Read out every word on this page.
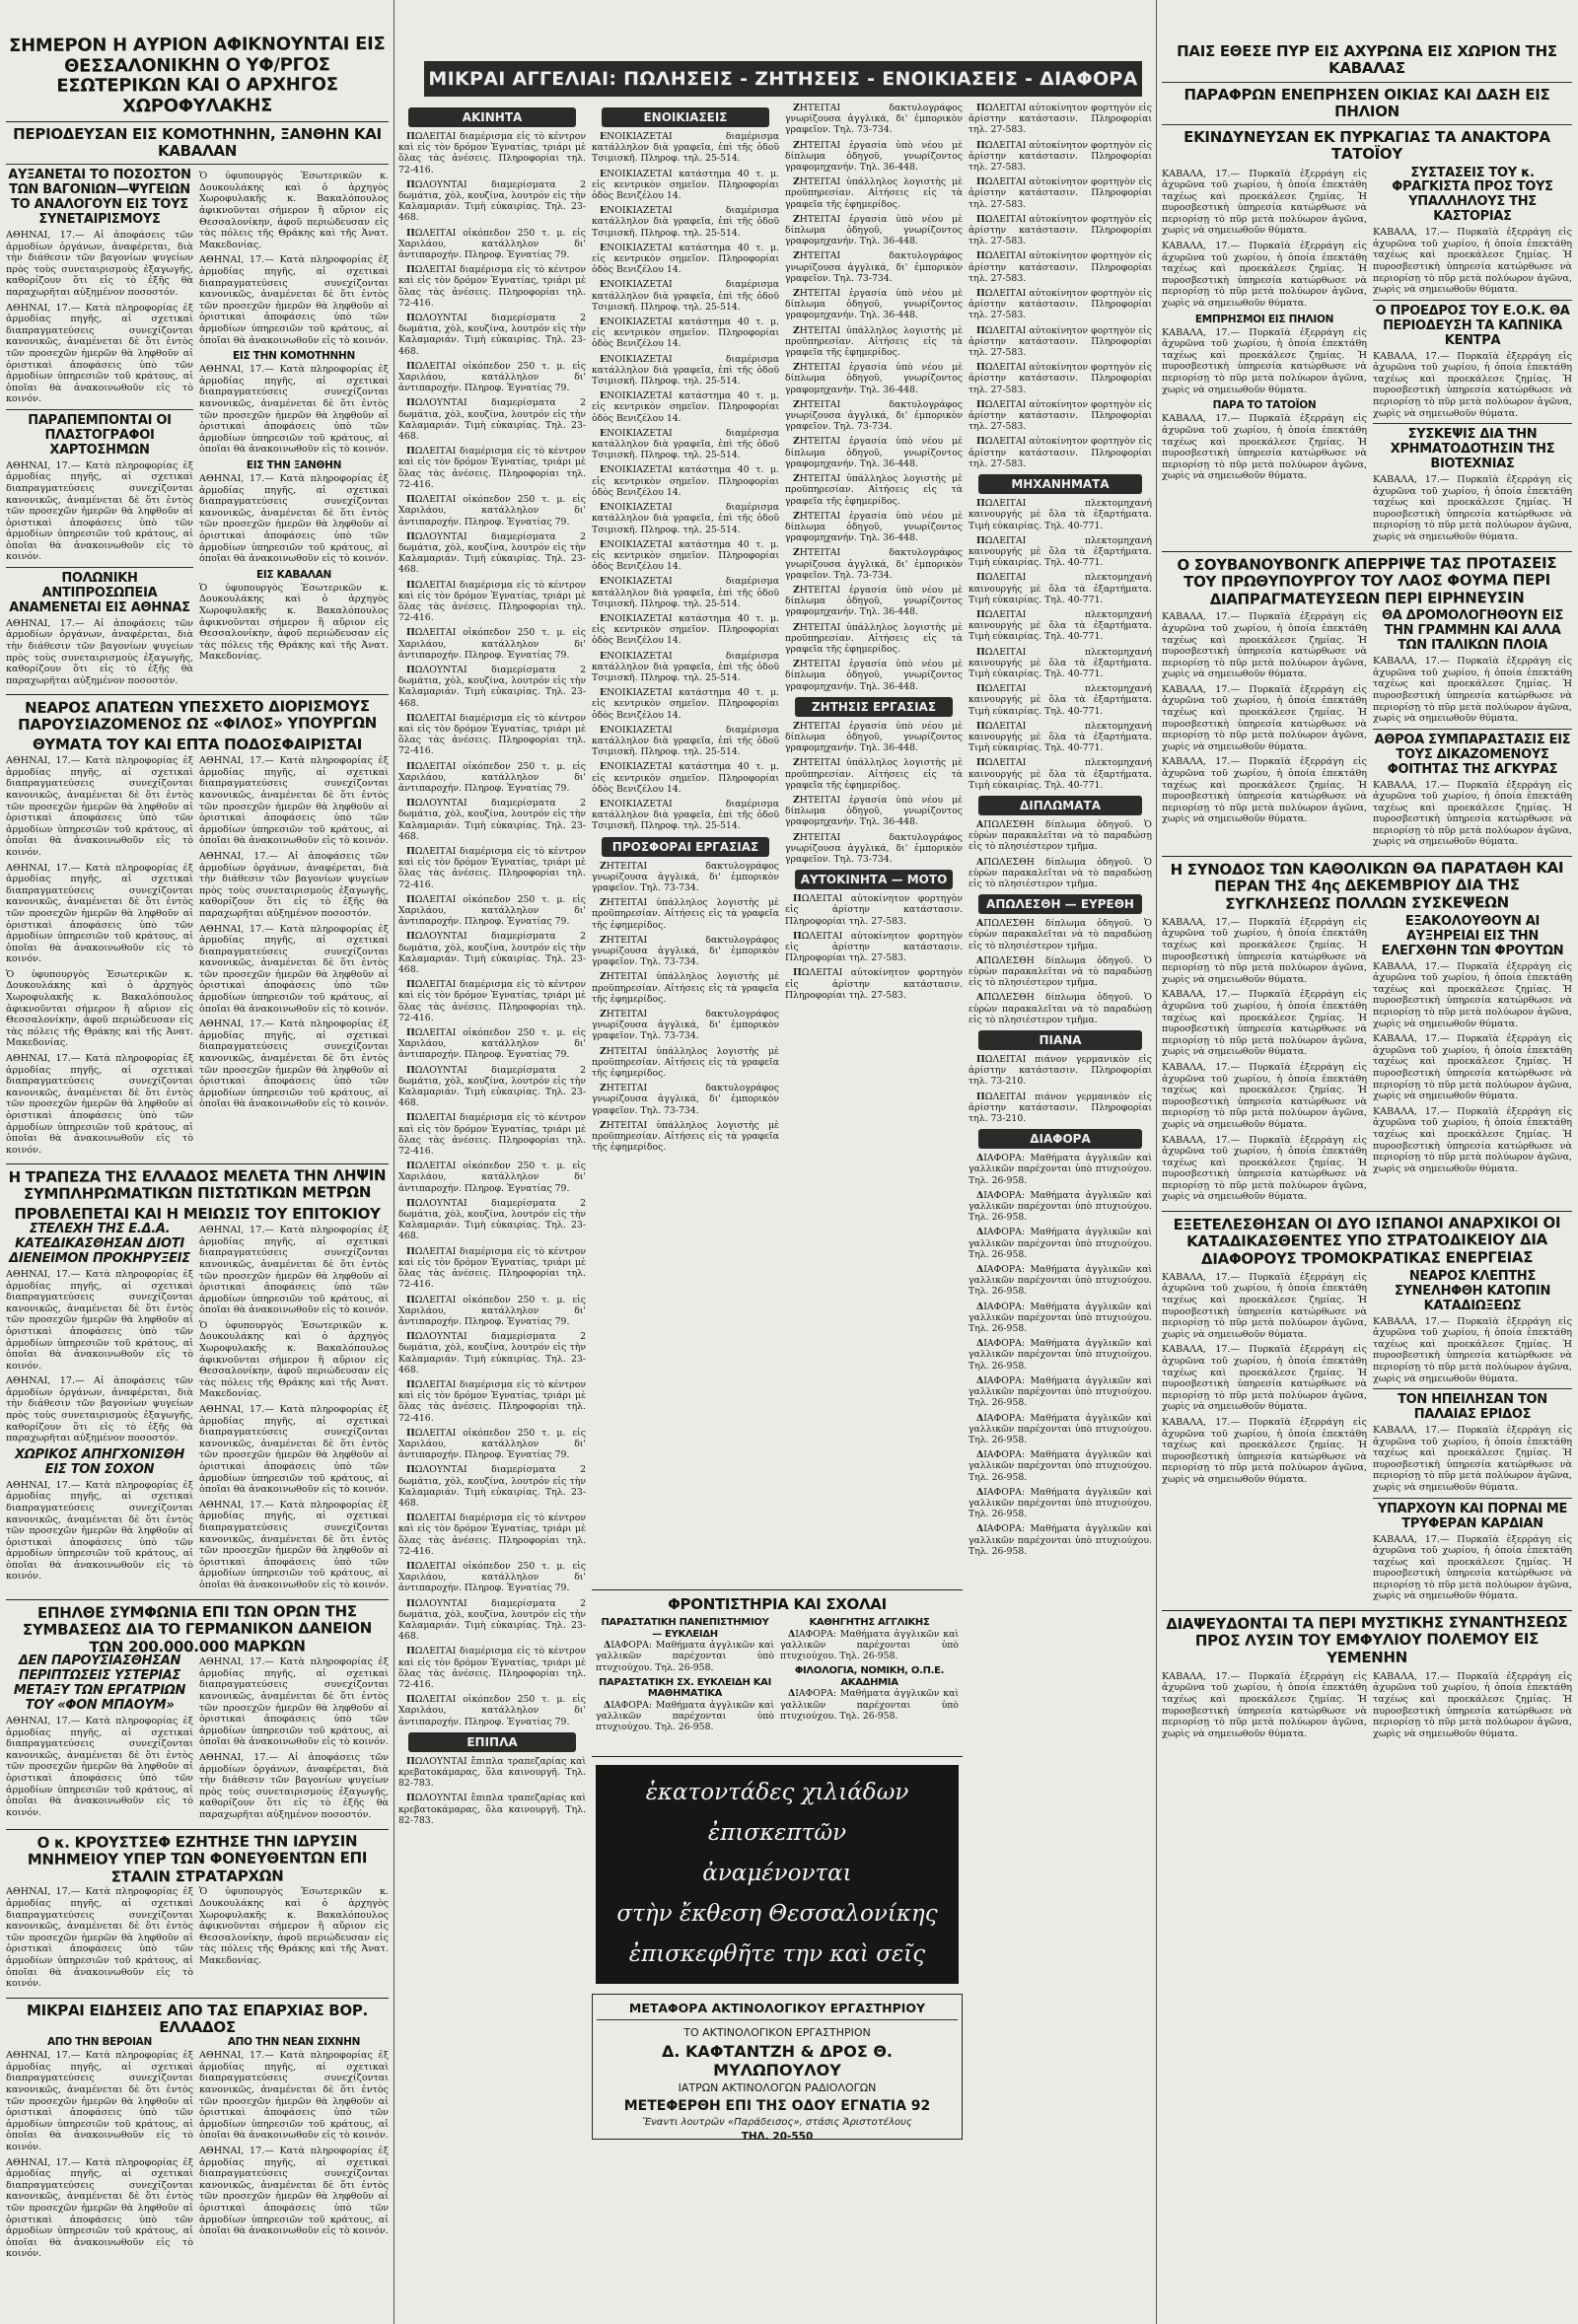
ΣΗΜΕΡΟΝ Η ΑΥΡΙΟΝ ΑΦΙΚΝΟΥΝΤΑΙ ΕΙΣ ΘΕΣΣΑΛΟΝΙΚΗΝ Ο ΥΦ/ΡΓΟΣ ΕΣΩΤΕΡΙΚΩΝ ΚΑΙ Ο ΑΡΧΗΓΟΣ ΧΩΡΟΦΥΛΑΚΗΣ
ΠΕΡΙΟΔΕΥΣΑΝ ΕΙΣ ΚΟΜΟΤΗΝΗΝ, ΞΑΝΘΗΝ ΚΑΙ ΚΑΒΑΛΑΝ
ΑΥΞΑΝΕΤΑΙ ΤΟ ΠΟΣΟΣΤΟΝ ΤΩΝ ΒΑΓΟΝΙΩΝ—ΨΥΓΕΙΩΝ ΤΟ ΑΝΑΛΟΓΟΥΝ ΕΙΣ ΤΟΥΣ ΣΥΝΕΤΑΙΡΙΣΜΟΥΣ

ΑΘΗΝΑΙ, 17.— Αἱ ἀποφάσεις τῶν ἁρμοδίων ὀργάνων, ἀναφέρεται, διὰ τὴν διάθεσιν τῶν βαγονίων ψυγείων πρὸς τοὺς συνεταιρισμοὺς ἐξαγωγῆς, καθορίζουν ὅτι εἰς τὸ ἑξῆς θὰ παραχωρῆται αὐξημένον ποσοστόν.

ΑΘΗΝΑΙ, 17.— Κατὰ πληροφορίας ἐξ ἁρμοδίας πηγῆς, αἱ σχετικαὶ διαπραγματεύσεις συνεχίζονται κανονικῶς, ἀναμένεται δὲ ὅτι ἐντὸς τῶν προσεχῶν ἡμερῶν θὰ ληφθοῦν αἱ ὁριστικαὶ ἀποφάσεις ὑπὸ τῶν ἁρμοδίων ὑπηρεσιῶν τοῦ κράτους, αἱ ὁποῖαι θὰ ἀνακοινωθοῦν εἰς τὸ κοινόν.

ΠΑΡΑΠΕΜΠΟΝΤΑΙ ΟΙ ΠΛΑΣΤΟΓΡΑΦΟΙ ΧΑΡΤΟΣΗΜΩΝ

ΑΘΗΝΑΙ, 17.— Κατὰ πληροφορίας ἐξ ἁρμοδίας πηγῆς, αἱ σχετικαὶ διαπραγματεύσεις συνεχίζονται κανονικῶς, ἀναμένεται δὲ ὅτι ἐντὸς τῶν προσεχῶν ἡμερῶν θὰ ληφθοῦν αἱ ὁριστικαὶ ἀποφάσεις ὑπὸ τῶν ἁρμοδίων ὑπηρεσιῶν τοῦ κράτους, αἱ ὁποῖαι θὰ ἀνακοινωθοῦν εἰς τὸ κοινόν.

ΠΟΛΩΝΙΚΗ ΑΝΤΙΠΡΟΣΩΠΕΙΑ ΑΝΑΜΕΝΕΤΑΙ ΕΙΣ ΑΘΗΝΑΣ

ΑΘΗΝΑΙ, 17.— Αἱ ἀποφάσεις τῶν ἁρμοδίων ὀργάνων, ἀναφέρεται, διὰ τὴν διάθεσιν τῶν βαγονίων ψυγείων πρὸς τοὺς συνεταιρισμοὺς ἐξαγωγῆς, καθορίζουν ὅτι εἰς τὸ ἑξῆς θὰ παραχωρῆται αὐξημένον ποσοστόν.

Ὁ ὑφυπουργὸς Ἐσωτερικῶν κ. Δουκουλάκης καὶ ὁ ἀρχηγὸς Χωροφυλακῆς κ. Βακαλόπουλος ἀφικνοῦνται σήμερον ἢ αὔριον εἰς Θεσσαλονίκην, ἀφοῦ περιώδευσαν εἰς τὰς πόλεις τῆς Θράκης καὶ τῆς Ἀνατ. Μακεδονίας.

ΑΘΗΝΑΙ, 17.— Κατὰ πληροφορίας ἐξ ἁρμοδίας πηγῆς, αἱ σχετικαὶ διαπραγματεύσεις συνεχίζονται κανονικῶς, ἀναμένεται δὲ ὅτι ἐντὸς τῶν προσεχῶν ἡμερῶν θὰ ληφθοῦν αἱ ὁριστικαὶ ἀποφάσεις ὑπὸ τῶν ἁρμοδίων ὑπηρεσιῶν τοῦ κράτους, αἱ ὁποῖαι θὰ ἀνακοινωθοῦν εἰς τὸ κοινόν.

ΕΙΣ ΤΗΝ ΚΟΜΟΤΗΝΗΝ

ΑΘΗΝΑΙ, 17.— Κατὰ πληροφορίας ἐξ ἁρμοδίας πηγῆς, αἱ σχετικαὶ διαπραγματεύσεις συνεχίζονται κανονικῶς, ἀναμένεται δὲ ὅτι ἐντὸς τῶν προσεχῶν ἡμερῶν θὰ ληφθοῦν αἱ ὁριστικαὶ ἀποφάσεις ὑπὸ τῶν ἁρμοδίων ὑπηρεσιῶν τοῦ κράτους, αἱ ὁποῖαι θὰ ἀνακοινωθοῦν εἰς τὸ κοινόν.

ΕΙΣ ΤΗΝ ΞΑΝΘΗΝ

ΑΘΗΝΑΙ, 17.— Κατὰ πληροφορίας ἐξ ἁρμοδίας πηγῆς, αἱ σχετικαὶ διαπραγματεύσεις συνεχίζονται κανονικῶς, ἀναμένεται δὲ ὅτι ἐντὸς τῶν προσεχῶν ἡμερῶν θὰ ληφθοῦν αἱ ὁριστικαὶ ἀποφάσεις ὑπὸ τῶν ἁρμοδίων ὑπηρεσιῶν τοῦ κράτους, αἱ ὁποῖαι θὰ ἀνακοινωθοῦν εἰς τὸ κοινόν.

ΕΙΣ ΚΑΒΑΛΑΝ

Ὁ ὑφυπουργὸς Ἐσωτερικῶν κ. Δουκουλάκης καὶ ὁ ἀρχηγὸς Χωροφυλακῆς κ. Βακαλόπουλος ἀφικνοῦνται σήμερον ἢ αὔριον εἰς Θεσσαλονίκην, ἀφοῦ περιώδευσαν εἰς τὰς πόλεις τῆς Θράκης καὶ τῆς Ἀνατ. Μακεδονίας.

ΝΕΑΡΟΣ ΑΠΑΤΕΩΝ ΥΠΕΣΧΕΤΟ ΔΙΟΡΙΣΜΟΥΣ ΠΑΡΟΥΣΙΑΖΟΜΕΝΟΣ ΩΣ «ΦΙΛΟΣ» ΥΠΟΥΡΓΩΝ
ΘΥΜΑΤΑ ΤΟΥ ΚΑΙ ΕΠΤΑ ΠΟΔΟΣΦΑΙΡΙΣΤΑΙ

ΑΘΗΝΑΙ, 17.— Κατὰ πληροφορίας ἐξ ἁρμοδίας πηγῆς, αἱ σχετικαὶ διαπραγματεύσεις συνεχίζονται κανονικῶς, ἀναμένεται δὲ ὅτι ἐντὸς τῶν προσεχῶν ἡμερῶν θὰ ληφθοῦν αἱ ὁριστικαὶ ἀποφάσεις ὑπὸ τῶν ἁρμοδίων ὑπηρεσιῶν τοῦ κράτους, αἱ ὁποῖαι θὰ ἀνακοινωθοῦν εἰς τὸ κοινόν.

ΑΘΗΝΑΙ, 17.— Κατὰ πληροφορίας ἐξ ἁρμοδίας πηγῆς, αἱ σχετικαὶ διαπραγματεύσεις συνεχίζονται κανονικῶς, ἀναμένεται δὲ ὅτι ἐντὸς τῶν προσεχῶν ἡμερῶν θὰ ληφθοῦν αἱ ὁριστικαὶ ἀποφάσεις ὑπὸ τῶν ἁρμοδίων ὑπηρεσιῶν τοῦ κράτους, αἱ ὁποῖαι θὰ ἀνακοινωθοῦν εἰς τὸ κοινόν.

Ὁ ὑφυπουργὸς Ἐσωτερικῶν κ. Δουκουλάκης καὶ ὁ ἀρχηγὸς Χωροφυλακῆς κ. Βακαλόπουλος ἀφικνοῦνται σήμερον ἢ αὔριον εἰς Θεσσαλονίκην, ἀφοῦ περιώδευσαν εἰς τὰς πόλεις τῆς Θράκης καὶ τῆς Ἀνατ. Μακεδονίας.

ΑΘΗΝΑΙ, 17.— Κατὰ πληροφορίας ἐξ ἁρμοδίας πηγῆς, αἱ σχετικαὶ διαπραγματεύσεις συνεχίζονται κανονικῶς, ἀναμένεται δὲ ὅτι ἐντὸς τῶν προσεχῶν ἡμερῶν θὰ ληφθοῦν αἱ ὁριστικαὶ ἀποφάσεις ὑπὸ τῶν ἁρμοδίων ὑπηρεσιῶν τοῦ κράτους, αἱ ὁποῖαι θὰ ἀνακοινωθοῦν εἰς τὸ κοινόν.

ΑΘΗΝΑΙ, 17.— Κατὰ πληροφορίας ἐξ ἁρμοδίας πηγῆς, αἱ σχετικαὶ διαπραγματεύσεις συνεχίζονται κανονικῶς, ἀναμένεται δὲ ὅτι ἐντὸς τῶν προσεχῶν ἡμερῶν θὰ ληφθοῦν αἱ ὁριστικαὶ ἀποφάσεις ὑπὸ τῶν ἁρμοδίων ὑπηρεσιῶν τοῦ κράτους, αἱ ὁποῖαι θὰ ἀνακοινωθοῦν εἰς τὸ κοινόν.

ΑΘΗΝΑΙ, 17.— Αἱ ἀποφάσεις τῶν ἁρμοδίων ὀργάνων, ἀναφέρεται, διὰ τὴν διάθεσιν τῶν βαγονίων ψυγείων πρὸς τοὺς συνεταιρισμοὺς ἐξαγωγῆς, καθορίζουν ὅτι εἰς τὸ ἑξῆς θὰ παραχωρῆται αὐξημένον ποσοστόν.

ΑΘΗΝΑΙ, 17.— Κατὰ πληροφορίας ἐξ ἁρμοδίας πηγῆς, αἱ σχετικαὶ διαπραγματεύσεις συνεχίζονται κανονικῶς, ἀναμένεται δὲ ὅτι ἐντὸς τῶν προσεχῶν ἡμερῶν θὰ ληφθοῦν αἱ ὁριστικαὶ ἀποφάσεις ὑπὸ τῶν ἁρμοδίων ὑπηρεσιῶν τοῦ κράτους, αἱ ὁποῖαι θὰ ἀνακοινωθοῦν εἰς τὸ κοινόν.

ΑΘΗΝΑΙ, 17.— Κατὰ πληροφορίας ἐξ ἁρμοδίας πηγῆς, αἱ σχετικαὶ διαπραγματεύσεις συνεχίζονται κανονικῶς, ἀναμένεται δὲ ὅτι ἐντὸς τῶν προσεχῶν ἡμερῶν θὰ ληφθοῦν αἱ ὁριστικαὶ ἀποφάσεις ὑπὸ τῶν ἁρμοδίων ὑπηρεσιῶν τοῦ κράτους, αἱ ὁποῖαι θὰ ἀνακοινωθοῦν εἰς τὸ κοινόν.

Η ΤΡΑΠΕΖΑ ΤΗΣ ΕΛΛΑΔΟΣ ΜΕΛΕΤΑ ΤΗΝ ΛΗΨΙΝ ΣΥΜΠΛΗΡΩΜΑΤΙΚΩΝ ΠΙΣΤΩΤΙΚΩΝ ΜΕΤΡΩΝ
ΠΡΟΒΛΕΠΕΤΑΙ ΚΑΙ Η ΜΕΙΩΣΙΣ ΤΟΥ ΕΠΙΤΟΚΙΟΥ
ΣΤΕΛΕΧΗ ΤΗΣ Ε.Δ.Α. ΚΑΤΕΔΙΚΑΣΘΗΣΑΝ ΔΙΟΤΙ ΔΙΕΝΕΙΜΟΝ ΠΡΟΚΗΡΥΞΕΙΣ

ΑΘΗΝΑΙ, 17.— Κατὰ πληροφορίας ἐξ ἁρμοδίας πηγῆς, αἱ σχετικαὶ διαπραγματεύσεις συνεχίζονται κανονικῶς, ἀναμένεται δὲ ὅτι ἐντὸς τῶν προσεχῶν ἡμερῶν θὰ ληφθοῦν αἱ ὁριστικαὶ ἀποφάσεις ὑπὸ τῶν ἁρμοδίων ὑπηρεσιῶν τοῦ κράτους, αἱ ὁποῖαι θὰ ἀνακοινωθοῦν εἰς τὸ κοινόν.

ΑΘΗΝΑΙ, 17.— Αἱ ἀποφάσεις τῶν ἁρμοδίων ὀργάνων, ἀναφέρεται, διὰ τὴν διάθεσιν τῶν βαγονίων ψυγείων πρὸς τοὺς συνεταιρισμοὺς ἐξαγωγῆς, καθορίζουν ὅτι εἰς τὸ ἑξῆς θὰ παραχωρῆται αὐξημένον ποσοστόν.

ΧΩΡΙΚΟΣ ΑΠΗΓΧΟΝΙΣΘΗ ΕΙΣ ΤΟΝ ΣΟΧΟΝ

ΑΘΗΝΑΙ, 17.— Κατὰ πληροφορίας ἐξ ἁρμοδίας πηγῆς, αἱ σχετικαὶ διαπραγματεύσεις συνεχίζονται κανονικῶς, ἀναμένεται δὲ ὅτι ἐντὸς τῶν προσεχῶν ἡμερῶν θὰ ληφθοῦν αἱ ὁριστικαὶ ἀποφάσεις ὑπὸ τῶν ἁρμοδίων ὑπηρεσιῶν τοῦ κράτους, αἱ ὁποῖαι θὰ ἀνακοινωθοῦν εἰς τὸ κοινόν.

ΑΘΗΝΑΙ, 17.— Κατὰ πληροφορίας ἐξ ἁρμοδίας πηγῆς, αἱ σχετικαὶ διαπραγματεύσεις συνεχίζονται κανονικῶς, ἀναμένεται δὲ ὅτι ἐντὸς τῶν προσεχῶν ἡμερῶν θὰ ληφθοῦν αἱ ὁριστικαὶ ἀποφάσεις ὑπὸ τῶν ἁρμοδίων ὑπηρεσιῶν τοῦ κράτους, αἱ ὁποῖαι θὰ ἀνακοινωθοῦν εἰς τὸ κοινόν.

Ὁ ὑφυπουργὸς Ἐσωτερικῶν κ. Δουκουλάκης καὶ ὁ ἀρχηγὸς Χωροφυλακῆς κ. Βακαλόπουλος ἀφικνοῦνται σήμερον ἢ αὔριον εἰς Θεσσαλονίκην, ἀφοῦ περιώδευσαν εἰς τὰς πόλεις τῆς Θράκης καὶ τῆς Ἀνατ. Μακεδονίας.

ΑΘΗΝΑΙ, 17.— Κατὰ πληροφορίας ἐξ ἁρμοδίας πηγῆς, αἱ σχετικαὶ διαπραγματεύσεις συνεχίζονται κανονικῶς, ἀναμένεται δὲ ὅτι ἐντὸς τῶν προσεχῶν ἡμερῶν θὰ ληφθοῦν αἱ ὁριστικαὶ ἀποφάσεις ὑπὸ τῶν ἁρμοδίων ὑπηρεσιῶν τοῦ κράτους, αἱ ὁποῖαι θὰ ἀνακοινωθοῦν εἰς τὸ κοινόν.

ΑΘΗΝΑΙ, 17.— Κατὰ πληροφορίας ἐξ ἁρμοδίας πηγῆς, αἱ σχετικαὶ διαπραγματεύσεις συνεχίζονται κανονικῶς, ἀναμένεται δὲ ὅτι ἐντὸς τῶν προσεχῶν ἡμερῶν θὰ ληφθοῦν αἱ ὁριστικαὶ ἀποφάσεις ὑπὸ τῶν ἁρμοδίων ὑπηρεσιῶν τοῦ κράτους, αἱ ὁποῖαι θὰ ἀνακοινωθοῦν εἰς τὸ κοινόν.

ΕΠΗΛΘΕ ΣΥΜΦΩΝΙΑ ΕΠΙ ΤΩΝ ΟΡΩΝ ΤΗΣ ΣΥΜΒΑΣΕΩΣ ΔΙΑ ΤΟ ΓΕΡΜΑΝΙΚΟΝ ΔΑΝΕΙΟΝ ΤΩΝ 200.000.000 ΜΑΡΚΩΝ
ΔΕΝ ΠΑΡΟΥΣΙΑΣΘΗΣΑΝ ΠΕΡΙΠΤΩΣΕΙΣ ΥΣΤΕΡΙΑΣ ΜΕΤΑΞΥ ΤΩΝ ΕΡΓΑΤΡΙΩΝ ΤΟΥ «ΦΟΝ ΜΠΑΟΥΜ»

ΑΘΗΝΑΙ, 17.— Κατὰ πληροφορίας ἐξ ἁρμοδίας πηγῆς, αἱ σχετικαὶ διαπραγματεύσεις συνεχίζονται κανονικῶς, ἀναμένεται δὲ ὅτι ἐντὸς τῶν προσεχῶν ἡμερῶν θὰ ληφθοῦν αἱ ὁριστικαὶ ἀποφάσεις ὑπὸ τῶν ἁρμοδίων ὑπηρεσιῶν τοῦ κράτους, αἱ ὁποῖαι θὰ ἀνακοινωθοῦν εἰς τὸ κοινόν.

ΑΘΗΝΑΙ, 17.— Κατὰ πληροφορίας ἐξ ἁρμοδίας πηγῆς, αἱ σχετικαὶ διαπραγματεύσεις συνεχίζονται κανονικῶς, ἀναμένεται δὲ ὅτι ἐντὸς τῶν προσεχῶν ἡμερῶν θὰ ληφθοῦν αἱ ὁριστικαὶ ἀποφάσεις ὑπὸ τῶν ἁρμοδίων ὑπηρεσιῶν τοῦ κράτους, αἱ ὁποῖαι θὰ ἀνακοινωθοῦν εἰς τὸ κοινόν.

ΑΘΗΝΑΙ, 17.— Αἱ ἀποφάσεις τῶν ἁρμοδίων ὀργάνων, ἀναφέρεται, διὰ τὴν διάθεσιν τῶν βαγονίων ψυγείων πρὸς τοὺς συνεταιρισμοὺς ἐξαγωγῆς, καθορίζουν ὅτι εἰς τὸ ἑξῆς θὰ παραχωρῆται αὐξημένον ποσοστόν.

Ο κ. ΚΡΟΥΣΤΣΕΦ ΕΖΗΤΗΣΕ ΤΗΝ ΙΔΡΥΣΙΝ ΜΝΗΜΕΙΟΥ ΥΠΕΡ ΤΩΝ ΦΟΝΕΥΘΕΝΤΩΝ ΕΠΙ ΣΤΑΛΙΝ ΣΤΡΑΤΑΡΧΩΝ

ΑΘΗΝΑΙ, 17.— Κατὰ πληροφορίας ἐξ ἁρμοδίας πηγῆς, αἱ σχετικαὶ διαπραγματεύσεις συνεχίζονται κανονικῶς, ἀναμένεται δὲ ὅτι ἐντὸς τῶν προσεχῶν ἡμερῶν θὰ ληφθοῦν αἱ ὁριστικαὶ ἀποφάσεις ὑπὸ τῶν ἁρμοδίων ὑπηρεσιῶν τοῦ κράτους, αἱ ὁποῖαι θὰ ἀνακοινωθοῦν εἰς τὸ κοινόν.

Ὁ ὑφυπουργὸς Ἐσωτερικῶν κ. Δουκουλάκης καὶ ὁ ἀρχηγὸς Χωροφυλακῆς κ. Βακαλόπουλος ἀφικνοῦνται σήμερον ἢ αὔριον εἰς Θεσσαλονίκην, ἀφοῦ περιώδευσαν εἰς τὰς πόλεις τῆς Θράκης καὶ τῆς Ἀνατ. Μακεδονίας.

ΜΙΚΡΑΙ ΕΙΔΗΣΕΙΣ ΑΠΟ ΤΑΣ ΕΠΑΡΧΙΑΣ ΒΟΡ. ΕΛΛΑΔΟΣ
ΑΠΟ ΤΗΝ ΒΕΡΟΙΑΝ

ΑΘΗΝΑΙ, 17.— Κατὰ πληροφορίας ἐξ ἁρμοδίας πηγῆς, αἱ σχετικαὶ διαπραγματεύσεις συνεχίζονται κανονικῶς, ἀναμένεται δὲ ὅτι ἐντὸς τῶν προσεχῶν ἡμερῶν θὰ ληφθοῦν αἱ ὁριστικαὶ ἀποφάσεις ὑπὸ τῶν ἁρμοδίων ὑπηρεσιῶν τοῦ κράτους, αἱ ὁποῖαι θὰ ἀνακοινωθοῦν εἰς τὸ κοινόν.

ΑΘΗΝΑΙ, 17.— Κατὰ πληροφορίας ἐξ ἁρμοδίας πηγῆς, αἱ σχετικαὶ διαπραγματεύσεις συνεχίζονται κανονικῶς, ἀναμένεται δὲ ὅτι ἐντὸς τῶν προσεχῶν ἡμερῶν θὰ ληφθοῦν αἱ ὁριστικαὶ ἀποφάσεις ὑπὸ τῶν ἁρμοδίων ὑπηρεσιῶν τοῦ κράτους, αἱ ὁποῖαι θὰ ἀνακοινωθοῦν εἰς τὸ κοινόν.

ΑΠΟ ΤΗΝ ΝΕΑΝ ΣΙΧΝΗΝ

ΑΘΗΝΑΙ, 17.— Κατὰ πληροφορίας ἐξ ἁρμοδίας πηγῆς, αἱ σχετικαὶ διαπραγματεύσεις συνεχίζονται κανονικῶς, ἀναμένεται δὲ ὅτι ἐντὸς τῶν προσεχῶν ἡμερῶν θὰ ληφθοῦν αἱ ὁριστικαὶ ἀποφάσεις ὑπὸ τῶν ἁρμοδίων ὑπηρεσιῶν τοῦ κράτους, αἱ ὁποῖαι θὰ ἀνακοινωθοῦν εἰς τὸ κοινόν.

ΑΘΗΝΑΙ, 17.— Κατὰ πληροφορίας ἐξ ἁρμοδίας πηγῆς, αἱ σχετικαὶ διαπραγματεύσεις συνεχίζονται κανονικῶς, ἀναμένεται δὲ ὅτι ἐντὸς τῶν προσεχῶν ἡμερῶν θὰ ληφθοῦν αἱ ὁριστικαὶ ἀποφάσεις ὑπὸ τῶν ἁρμοδίων ὑπηρεσιῶν τοῦ κράτους, αἱ ὁποῖαι θὰ ἀνακοινωθοῦν εἰς τὸ κοινόν.

ΜΙΚΡΑΙ ΑΓΓΕΛΙΑΙ: ΠΩΛΗΣΕΙΣ - ΖΗΤΗΣΕΙΣ - ΕΝΟΙΚΙΑΣΕΙΣ - ΔΙΑΦΟΡΑ
ΑΚΙΝΗΤΑ

ΠΩΛΕΙΤΑΙ διαμέρισμα εἰς τὸ κέντρον καὶ εἰς τὸν δρόμον Ἐγνατίας, τριάρι μὲ ὅλας τὰς ἀνέσεις. Πληροφορίαι τηλ. 72-416.

ΠΩΛΟΥΝΤΑΙ διαμερίσματα 2 δωμάτια, χὸλ, κουζίνα, λουτρόν εἰς τὴν Καλαμαριάν. Τιμὴ εὐκαιρίας. Τηλ. 23-468.

ΠΩΛΕΙΤΑΙ οἰκόπεδον 250 τ. μ. εἰς Χαριλάου, κατάλληλον δι' ἀντιπαροχήν. Πληροφ. Ἐγνατίας 79.

ΠΩΛΕΙΤΑΙ διαμέρισμα εἰς τὸ κέντρον καὶ εἰς τὸν δρόμον Ἐγνατίας, τριάρι μὲ ὅλας τὰς ἀνέσεις. Πληροφορίαι τηλ. 72-416.

ΠΩΛΟΥΝΤΑΙ διαμερίσματα 2 δωμάτια, χὸλ, κουζίνα, λουτρόν εἰς τὴν Καλαμαριάν. Τιμὴ εὐκαιρίας. Τηλ. 23-468.

ΠΩΛΕΙΤΑΙ οἰκόπεδον 250 τ. μ. εἰς Χαριλάου, κατάλληλον δι' ἀντιπαροχήν. Πληροφ. Ἐγνατίας 79.

ΠΩΛΟΥΝΤΑΙ διαμερίσματα 2 δωμάτια, χὸλ, κουζίνα, λουτρόν εἰς τὴν Καλαμαριάν. Τιμὴ εὐκαιρίας. Τηλ. 23-468.

ΠΩΛΕΙΤΑΙ διαμέρισμα εἰς τὸ κέντρον καὶ εἰς τὸν δρόμον Ἐγνατίας, τριάρι μὲ ὅλας τὰς ἀνέσεις. Πληροφορίαι τηλ. 72-416.

ΠΩΛΕΙΤΑΙ οἰκόπεδον 250 τ. μ. εἰς Χαριλάου, κατάλληλον δι' ἀντιπαροχήν. Πληροφ. Ἐγνατίας 79.

ΠΩΛΟΥΝΤΑΙ διαμερίσματα 2 δωμάτια, χὸλ, κουζίνα, λουτρόν εἰς τὴν Καλαμαριάν. Τιμὴ εὐκαιρίας. Τηλ. 23-468.

ΠΩΛΕΙΤΑΙ διαμέρισμα εἰς τὸ κέντρον καὶ εἰς τὸν δρόμον Ἐγνατίας, τριάρι μὲ ὅλας τὰς ἀνέσεις. Πληροφορίαι τηλ. 72-416.

ΠΩΛΕΙΤΑΙ οἰκόπεδον 250 τ. μ. εἰς Χαριλάου, κατάλληλον δι' ἀντιπαροχήν. Πληροφ. Ἐγνατίας 79.

ΠΩΛΟΥΝΤΑΙ διαμερίσματα 2 δωμάτια, χὸλ, κουζίνα, λουτρόν εἰς τὴν Καλαμαριάν. Τιμὴ εὐκαιρίας. Τηλ. 23-468.

ΠΩΛΕΙΤΑΙ διαμέρισμα εἰς τὸ κέντρον καὶ εἰς τὸν δρόμον Ἐγνατίας, τριάρι μὲ ὅλας τὰς ἀνέσεις. Πληροφορίαι τηλ. 72-416.

ΠΩΛΕΙΤΑΙ οἰκόπεδον 250 τ. μ. εἰς Χαριλάου, κατάλληλον δι' ἀντιπαροχήν. Πληροφ. Ἐγνατίας 79.

ΠΩΛΟΥΝΤΑΙ διαμερίσματα 2 δωμάτια, χὸλ, κουζίνα, λουτρόν εἰς τὴν Καλαμαριάν. Τιμὴ εὐκαιρίας. Τηλ. 23-468.

ΠΩΛΕΙΤΑΙ διαμέρισμα εἰς τὸ κέντρον καὶ εἰς τὸν δρόμον Ἐγνατίας, τριάρι μὲ ὅλας τὰς ἀνέσεις. Πληροφορίαι τηλ. 72-416.

ΠΩΛΕΙΤΑΙ οἰκόπεδον 250 τ. μ. εἰς Χαριλάου, κατάλληλον δι' ἀντιπαροχήν. Πληροφ. Ἐγνατίας 79.

ΠΩΛΟΥΝΤΑΙ διαμερίσματα 2 δωμάτια, χὸλ, κουζίνα, λουτρόν εἰς τὴν Καλαμαριάν. Τιμὴ εὐκαιρίας. Τηλ. 23-468.

ΠΩΛΕΙΤΑΙ διαμέρισμα εἰς τὸ κέντρον καὶ εἰς τὸν δρόμον Ἐγνατίας, τριάρι μὲ ὅλας τὰς ἀνέσεις. Πληροφορίαι τηλ. 72-416.

ΠΩΛΕΙΤΑΙ οἰκόπεδον 250 τ. μ. εἰς Χαριλάου, κατάλληλον δι' ἀντιπαροχήν. Πληροφ. Ἐγνατίας 79.

ΠΩΛΟΥΝΤΑΙ διαμερίσματα 2 δωμάτια, χὸλ, κουζίνα, λουτρόν εἰς τὴν Καλαμαριάν. Τιμὴ εὐκαιρίας. Τηλ. 23-468.

ΠΩΛΕΙΤΑΙ διαμέρισμα εἰς τὸ κέντρον καὶ εἰς τὸν δρόμον Ἐγνατίας, τριάρι μὲ ὅλας τὰς ἀνέσεις. Πληροφορίαι τηλ. 72-416.

ΠΩΛΕΙΤΑΙ οἰκόπεδον 250 τ. μ. εἰς Χαριλάου, κατάλληλον δι' ἀντιπαροχήν. Πληροφ. Ἐγνατίας 79.

ΠΩΛΟΥΝΤΑΙ διαμερίσματα 2 δωμάτια, χὸλ, κουζίνα, λουτρόν εἰς τὴν Καλαμαριάν. Τιμὴ εὐκαιρίας. Τηλ. 23-468.

ΠΩΛΕΙΤΑΙ διαμέρισμα εἰς τὸ κέντρον καὶ εἰς τὸν δρόμον Ἐγνατίας, τριάρι μὲ ὅλας τὰς ἀνέσεις. Πληροφορίαι τηλ. 72-416.

ΠΩΛΕΙΤΑΙ οἰκόπεδον 250 τ. μ. εἰς Χαριλάου, κατάλληλον δι' ἀντιπαροχήν. Πληροφ. Ἐγνατίας 79.

ΠΩΛΟΥΝΤΑΙ διαμερίσματα 2 δωμάτια, χὸλ, κουζίνα, λουτρόν εἰς τὴν Καλαμαριάν. Τιμὴ εὐκαιρίας. Τηλ. 23-468.

ΠΩΛΕΙΤΑΙ διαμέρισμα εἰς τὸ κέντρον καὶ εἰς τὸν δρόμον Ἐγνατίας, τριάρι μὲ ὅλας τὰς ἀνέσεις. Πληροφορίαι τηλ. 72-416.

ΠΩΛΕΙΤΑΙ οἰκόπεδον 250 τ. μ. εἰς Χαριλάου, κατάλληλον δι' ἀντιπαροχήν. Πληροφ. Ἐγνατίας 79.

ΠΩΛΟΥΝΤΑΙ διαμερίσματα 2 δωμάτια, χὸλ, κουζίνα, λουτρόν εἰς τὴν Καλαμαριάν. Τιμὴ εὐκαιρίας. Τηλ. 23-468.

ΠΩΛΕΙΤΑΙ διαμέρισμα εἰς τὸ κέντρον καὶ εἰς τὸν δρόμον Ἐγνατίας, τριάρι μὲ ὅλας τὰς ἀνέσεις. Πληροφορίαι τηλ. 72-416.

ΠΩΛΕΙΤΑΙ οἰκόπεδον 250 τ. μ. εἰς Χαριλάου, κατάλληλον δι' ἀντιπαροχήν. Πληροφ. Ἐγνατίας 79.

ΠΩΛΟΥΝΤΑΙ διαμερίσματα 2 δωμάτια, χὸλ, κουζίνα, λουτρόν εἰς τὴν Καλαμαριάν. Τιμὴ εὐκαιρίας. Τηλ. 23-468.

ΠΩΛΕΙΤΑΙ διαμέρισμα εἰς τὸ κέντρον καὶ εἰς τὸν δρόμον Ἐγνατίας, τριάρι μὲ ὅλας τὰς ἀνέσεις. Πληροφορίαι τηλ. 72-416.

ΠΩΛΕΙΤΑΙ οἰκόπεδον 250 τ. μ. εἰς Χαριλάου, κατάλληλον δι' ἀντιπαροχήν. Πληροφ. Ἐγνατίας 79.

ΕΠΙΠΛΑ

ΠΩΛΟΥΝΤΑΙ ἔπιπλα τραπεζαρίας καὶ κρεβατοκάμαρας, ὅλα καινουργῆ. Τηλ. 82-783.

ΠΩΛΟΥΝΤΑΙ ἔπιπλα τραπεζαρίας καὶ κρεβατοκάμαρας, ὅλα καινουργῆ. Τηλ. 82-783.

ΕΝΟΙΚΙΑΣΕΙΣ

ΕΝΟΙΚΙΑΖΕΤΑΙ διαμέρισμα κατάλληλον διὰ γραφεῖα, ἐπὶ τῆς ὁδοῦ Τσιμισκῆ. Πληροφ. τηλ. 25-514.

ΕΝΟΙΚΙΑΖΕΤΑΙ κατάστημα 40 τ. μ. εἰς κεντρικὸν σημεῖον. Πληροφορίαι ὁδὸς Βενιζέλου 14.

ΕΝΟΙΚΙΑΖΕΤΑΙ διαμέρισμα κατάλληλον διὰ γραφεῖα, ἐπὶ τῆς ὁδοῦ Τσιμισκῆ. Πληροφ. τηλ. 25-514.

ΕΝΟΙΚΙΑΖΕΤΑΙ κατάστημα 40 τ. μ. εἰς κεντρικὸν σημεῖον. Πληροφορίαι ὁδὸς Βενιζέλου 14.

ΕΝΟΙΚΙΑΖΕΤΑΙ διαμέρισμα κατάλληλον διὰ γραφεῖα, ἐπὶ τῆς ὁδοῦ Τσιμισκῆ. Πληροφ. τηλ. 25-514.

ΕΝΟΙΚΙΑΖΕΤΑΙ κατάστημα 40 τ. μ. εἰς κεντρικὸν σημεῖον. Πληροφορίαι ὁδὸς Βενιζέλου 14.

ΕΝΟΙΚΙΑΖΕΤΑΙ διαμέρισμα κατάλληλον διὰ γραφεῖα, ἐπὶ τῆς ὁδοῦ Τσιμισκῆ. Πληροφ. τηλ. 25-514.

ΕΝΟΙΚΙΑΖΕΤΑΙ κατάστημα 40 τ. μ. εἰς κεντρικὸν σημεῖον. Πληροφορίαι ὁδὸς Βενιζέλου 14.

ΕΝΟΙΚΙΑΖΕΤΑΙ διαμέρισμα κατάλληλον διὰ γραφεῖα, ἐπὶ τῆς ὁδοῦ Τσιμισκῆ. Πληροφ. τηλ. 25-514.

ΕΝΟΙΚΙΑΖΕΤΑΙ κατάστημα 40 τ. μ. εἰς κεντρικὸν σημεῖον. Πληροφορίαι ὁδὸς Βενιζέλου 14.

ΕΝΟΙΚΙΑΖΕΤΑΙ διαμέρισμα κατάλληλον διὰ γραφεῖα, ἐπὶ τῆς ὁδοῦ Τσιμισκῆ. Πληροφ. τηλ. 25-514.

ΕΝΟΙΚΙΑΖΕΤΑΙ κατάστημα 40 τ. μ. εἰς κεντρικὸν σημεῖον. Πληροφορίαι ὁδὸς Βενιζέλου 14.

ΕΝΟΙΚΙΑΖΕΤΑΙ διαμέρισμα κατάλληλον διὰ γραφεῖα, ἐπὶ τῆς ὁδοῦ Τσιμισκῆ. Πληροφ. τηλ. 25-514.

ΕΝΟΙΚΙΑΖΕΤΑΙ κατάστημα 40 τ. μ. εἰς κεντρικὸν σημεῖον. Πληροφορίαι ὁδὸς Βενιζέλου 14.

ΕΝΟΙΚΙΑΖΕΤΑΙ διαμέρισμα κατάλληλον διὰ γραφεῖα, ἐπὶ τῆς ὁδοῦ Τσιμισκῆ. Πληροφ. τηλ. 25-514.

ΕΝΟΙΚΙΑΖΕΤΑΙ κατάστημα 40 τ. μ. εἰς κεντρικὸν σημεῖον. Πληροφορίαι ὁδὸς Βενιζέλου 14.

ΕΝΟΙΚΙΑΖΕΤΑΙ διαμέρισμα κατάλληλον διὰ γραφεῖα, ἐπὶ τῆς ὁδοῦ Τσιμισκῆ. Πληροφ. τηλ. 25-514.

ΕΝΟΙΚΙΑΖΕΤΑΙ κατάστημα 40 τ. μ. εἰς κεντρικὸν σημεῖον. Πληροφορίαι ὁδὸς Βενιζέλου 14.

ΕΝΟΙΚΙΑΖΕΤΑΙ διαμέρισμα κατάλληλον διὰ γραφεῖα, ἐπὶ τῆς ὁδοῦ Τσιμισκῆ. Πληροφ. τηλ. 25-514.

ΠΡΟΣΦΟΡΑΙ ΕΡΓΑΣΙΑΣ

ΖΗΤΕΙΤΑΙ δακτυλογράφος γνωρίζουσα ἀγγλικά, δι' ἐμπορικὸν γραφεῖον. Τηλ. 73-734.

ΖΗΤΕΙΤΑΙ ὑπάλληλος λογιστὴς μὲ προϋπηρεσίαν. Αἰτήσεις εἰς τὰ γραφεῖα τῆς ἐφημερίδος.

ΖΗΤΕΙΤΑΙ δακτυλογράφος γνωρίζουσα ἀγγλικά, δι' ἐμπορικὸν γραφεῖον. Τηλ. 73-734.

ΖΗΤΕΙΤΑΙ ὑπάλληλος λογιστὴς μὲ προϋπηρεσίαν. Αἰτήσεις εἰς τὰ γραφεῖα τῆς ἐφημερίδος.

ΖΗΤΕΙΤΑΙ δακτυλογράφος γνωρίζουσα ἀγγλικά, δι' ἐμπορικὸν γραφεῖον. Τηλ. 73-734.

ΖΗΤΕΙΤΑΙ ὑπάλληλος λογιστὴς μὲ προϋπηρεσίαν. Αἰτήσεις εἰς τὰ γραφεῖα τῆς ἐφημερίδος.

ΖΗΤΕΙΤΑΙ δακτυλογράφος γνωρίζουσα ἀγγλικά, δι' ἐμπορικὸν γραφεῖον. Τηλ. 73-734.

ΖΗΤΕΙΤΑΙ ὑπάλληλος λογιστὴς μὲ προϋπηρεσίαν. Αἰτήσεις εἰς τὰ γραφεῖα τῆς ἐφημερίδος.

ΖΗΤΕΙΤΑΙ δακτυλογράφος γνωρίζουσα ἀγγλικά, δι' ἐμπορικὸν γραφεῖον. Τηλ. 73-734.

ΖΗΤΕΙΤΑΙ ἐργασία ὑπὸ νέου μὲ δίπλωμα ὁδηγοῦ, γνωρίζοντος γραφομηχανήν. Τηλ. 36-448.

ΖΗΤΕΙΤΑΙ ὑπάλληλος λογιστὴς μὲ προϋπηρεσίαν. Αἰτήσεις εἰς τὰ γραφεῖα τῆς ἐφημερίδος.

ΖΗΤΕΙΤΑΙ ἐργασία ὑπὸ νέου μὲ δίπλωμα ὁδηγοῦ, γνωρίζοντος γραφομηχανήν. Τηλ. 36-448.

ΖΗΤΕΙΤΑΙ δακτυλογράφος γνωρίζουσα ἀγγλικά, δι' ἐμπορικὸν γραφεῖον. Τηλ. 73-734.

ΖΗΤΕΙΤΑΙ ἐργασία ὑπὸ νέου μὲ δίπλωμα ὁδηγοῦ, γνωρίζοντος γραφομηχανήν. Τηλ. 36-448.

ΖΗΤΕΙΤΑΙ ὑπάλληλος λογιστὴς μὲ προϋπηρεσίαν. Αἰτήσεις εἰς τὰ γραφεῖα τῆς ἐφημερίδος.

ΖΗΤΕΙΤΑΙ ἐργασία ὑπὸ νέου μὲ δίπλωμα ὁδηγοῦ, γνωρίζοντος γραφομηχανήν. Τηλ. 36-448.

ΖΗΤΕΙΤΑΙ δακτυλογράφος γνωρίζουσα ἀγγλικά, δι' ἐμπορικὸν γραφεῖον. Τηλ. 73-734.

ΖΗΤΕΙΤΑΙ ἐργασία ὑπὸ νέου μὲ δίπλωμα ὁδηγοῦ, γνωρίζοντος γραφομηχανήν. Τηλ. 36-448.

ΖΗΤΕΙΤΑΙ ὑπάλληλος λογιστὴς μὲ προϋπηρεσίαν. Αἰτήσεις εἰς τὰ γραφεῖα τῆς ἐφημερίδος.

ΖΗΤΕΙΤΑΙ ἐργασία ὑπὸ νέου μὲ δίπλωμα ὁδηγοῦ, γνωρίζοντος γραφομηχανήν. Τηλ. 36-448.

ΖΗΤΕΙΤΑΙ δακτυλογράφος γνωρίζουσα ἀγγλικά, δι' ἐμπορικὸν γραφεῖον. Τηλ. 73-734.

ΖΗΤΕΙΤΑΙ ἐργασία ὑπὸ νέου μὲ δίπλωμα ὁδηγοῦ, γνωρίζοντος γραφομηχανήν. Τηλ. 36-448.

ΖΗΤΕΙΤΑΙ ὑπάλληλος λογιστὴς μὲ προϋπηρεσίαν. Αἰτήσεις εἰς τὰ γραφεῖα τῆς ἐφημερίδος.

ΖΗΤΕΙΤΑΙ ἐργασία ὑπὸ νέου μὲ δίπλωμα ὁδηγοῦ, γνωρίζοντος γραφομηχανήν. Τηλ. 36-448.

ΖΗΤΗΣΙΣ ΕΡΓΑΣΙΑΣ

ΖΗΤΕΙΤΑΙ ἐργασία ὑπὸ νέου μὲ δίπλωμα ὁδηγοῦ, γνωρίζοντος γραφομηχανήν. Τηλ. 36-448.

ΖΗΤΕΙΤΑΙ ὑπάλληλος λογιστὴς μὲ προϋπηρεσίαν. Αἰτήσεις εἰς τὰ γραφεῖα τῆς ἐφημερίδος.

ΖΗΤΕΙΤΑΙ ἐργασία ὑπὸ νέου μὲ δίπλωμα ὁδηγοῦ, γνωρίζοντος γραφομηχανήν. Τηλ. 36-448.

ΖΗΤΕΙΤΑΙ δακτυλογράφος γνωρίζουσα ἀγγλικά, δι' ἐμπορικὸν γραφεῖον. Τηλ. 73-734.

ΑΥΤΟΚΙΝΗΤΑ — ΜΟΤΟ

ΠΩΛΕΙΤΑΙ αὐτοκίνητον φορτηγὸν εἰς ἀρίστην κατάστασιν. Πληροφορίαι τηλ. 27-583.

ΠΩΛΕΙΤΑΙ αὐτοκίνητον φορτηγὸν εἰς ἀρίστην κατάστασιν. Πληροφορίαι τηλ. 27-583.

ΠΩΛΕΙΤΑΙ αὐτοκίνητον φορτηγὸν εἰς ἀρίστην κατάστασιν. Πληροφορίαι τηλ. 27-583.

ΠΩΛΕΙΤΑΙ αὐτοκίνητον φορτηγὸν εἰς ἀρίστην κατάστασιν. Πληροφορίαι τηλ. 27-583.

ΠΩΛΕΙΤΑΙ αὐτοκίνητον φορτηγὸν εἰς ἀρίστην κατάστασιν. Πληροφορίαι τηλ. 27-583.

ΠΩΛΕΙΤΑΙ αὐτοκίνητον φορτηγὸν εἰς ἀρίστην κατάστασιν. Πληροφορίαι τηλ. 27-583.

ΠΩΛΕΙΤΑΙ αὐτοκίνητον φορτηγὸν εἰς ἀρίστην κατάστασιν. Πληροφορίαι τηλ. 27-583.

ΠΩΛΕΙΤΑΙ αὐτοκίνητον φορτηγὸν εἰς ἀρίστην κατάστασιν. Πληροφορίαι τηλ. 27-583.

ΠΩΛΕΙΤΑΙ αὐτοκίνητον φορτηγὸν εἰς ἀρίστην κατάστασιν. Πληροφορίαι τηλ. 27-583.

ΠΩΛΕΙΤΑΙ αὐτοκίνητον φορτηγὸν εἰς ἀρίστην κατάστασιν. Πληροφορίαι τηλ. 27-583.

ΠΩΛΕΙΤΑΙ αὐτοκίνητον φορτηγὸν εἰς ἀρίστην κατάστασιν. Πληροφορίαι τηλ. 27-583.

ΠΩΛΕΙΤΑΙ αὐτοκίνητον φορτηγὸν εἰς ἀρίστην κατάστασιν. Πληροφορίαι τηλ. 27-583.

ΠΩΛΕΙΤΑΙ αὐτοκίνητον φορτηγὸν εἰς ἀρίστην κατάστασιν. Πληροφορίαι τηλ. 27-583.

ΜΗΧΑΝΗΜΑΤΑ

ΠΩΛΕΙΤΑΙ πλεκτομηχανή καινουργής μὲ ὅλα τὰ ἐξαρτήματα. Τιμὴ εὐκαιρίας. Τηλ. 40-771.

ΠΩΛΕΙΤΑΙ πλεκτομηχανή καινουργής μὲ ὅλα τὰ ἐξαρτήματα. Τιμὴ εὐκαιρίας. Τηλ. 40-771.

ΠΩΛΕΙΤΑΙ πλεκτομηχανή καινουργής μὲ ὅλα τὰ ἐξαρτήματα. Τιμὴ εὐκαιρίας. Τηλ. 40-771.

ΠΩΛΕΙΤΑΙ πλεκτομηχανή καινουργής μὲ ὅλα τὰ ἐξαρτήματα. Τιμὴ εὐκαιρίας. Τηλ. 40-771.

ΠΩΛΕΙΤΑΙ πλεκτομηχανή καινουργής μὲ ὅλα τὰ ἐξαρτήματα. Τιμὴ εὐκαιρίας. Τηλ. 40-771.

ΠΩΛΕΙΤΑΙ πλεκτομηχανή καινουργής μὲ ὅλα τὰ ἐξαρτήματα. Τιμὴ εὐκαιρίας. Τηλ. 40-771.

ΠΩΛΕΙΤΑΙ πλεκτομηχανή καινουργής μὲ ὅλα τὰ ἐξαρτήματα. Τιμὴ εὐκαιρίας. Τηλ. 40-771.

ΠΩΛΕΙΤΑΙ πλεκτομηχανή καινουργής μὲ ὅλα τὰ ἐξαρτήματα. Τιμὴ εὐκαιρίας. Τηλ. 40-771.

ΔΙΠΛΩΜΑΤΑ

ΑΠΩΛΕΣΘΗ δίπλωμα ὁδηγοῦ. Ὁ εὑρὼν παρακαλεῖται νὰ τὸ παραδώσῃ εἰς τὸ πλησιέστερον τμῆμα.

ΑΠΩΛΕΣΘΗ δίπλωμα ὁδηγοῦ. Ὁ εὑρὼν παρακαλεῖται νὰ τὸ παραδώσῃ εἰς τὸ πλησιέστερον τμῆμα.

ΑΠΩΛΕΣΘΗ — ΕΥΡΕΘΗ

ΑΠΩΛΕΣΘΗ δίπλωμα ὁδηγοῦ. Ὁ εὑρὼν παρακαλεῖται νὰ τὸ παραδώσῃ εἰς τὸ πλησιέστερον τμῆμα.

ΑΠΩΛΕΣΘΗ δίπλωμα ὁδηγοῦ. Ὁ εὑρὼν παρακαλεῖται νὰ τὸ παραδώσῃ εἰς τὸ πλησιέστερον τμῆμα.

ΑΠΩΛΕΣΘΗ δίπλωμα ὁδηγοῦ. Ὁ εὑρὼν παρακαλεῖται νὰ τὸ παραδώσῃ εἰς τὸ πλησιέστερον τμῆμα.

ΠΙΑΝΑ

ΠΩΛΕΙΤΑΙ πιάνον γερμανικὸν εἰς ἀρίστην κατάστασιν. Πληροφορίαι τηλ. 73-210.

ΠΩΛΕΙΤΑΙ πιάνον γερμανικὸν εἰς ἀρίστην κατάστασιν. Πληροφορίαι τηλ. 73-210.

ΔΙΑΦΟΡΑ

ΔΙΑΦΟΡΑ: Μαθήματα ἀγγλικῶν καὶ γαλλικῶν παρέχονται ὑπὸ πτυχιούχου. Τηλ. 26-958.

ΔΙΑΦΟΡΑ: Μαθήματα ἀγγλικῶν καὶ γαλλικῶν παρέχονται ὑπὸ πτυχιούχου. Τηλ. 26-958.

ΔΙΑΦΟΡΑ: Μαθήματα ἀγγλικῶν καὶ γαλλικῶν παρέχονται ὑπὸ πτυχιούχου. Τηλ. 26-958.

ΔΙΑΦΟΡΑ: Μαθήματα ἀγγλικῶν καὶ γαλλικῶν παρέχονται ὑπὸ πτυχιούχου. Τηλ. 26-958.

ΔΙΑΦΟΡΑ: Μαθήματα ἀγγλικῶν καὶ γαλλικῶν παρέχονται ὑπὸ πτυχιούχου. Τηλ. 26-958.

ΔΙΑΦΟΡΑ: Μαθήματα ἀγγλικῶν καὶ γαλλικῶν παρέχονται ὑπὸ πτυχιούχου. Τηλ. 26-958.

ΔΙΑΦΟΡΑ: Μαθήματα ἀγγλικῶν καὶ γαλλικῶν παρέχονται ὑπὸ πτυχιούχου. Τηλ. 26-958.

ΔΙΑΦΟΡΑ: Μαθήματα ἀγγλικῶν καὶ γαλλικῶν παρέχονται ὑπὸ πτυχιούχου. Τηλ. 26-958.

ΔΙΑΦΟΡΑ: Μαθήματα ἀγγλικῶν καὶ γαλλικῶν παρέχονται ὑπὸ πτυχιούχου. Τηλ. 26-958.

ΔΙΑΦΟΡΑ: Μαθήματα ἀγγλικῶν καὶ γαλλικῶν παρέχονται ὑπὸ πτυχιούχου. Τηλ. 26-958.

ΔΙΑΦΟΡΑ: Μαθήματα ἀγγλικῶν καὶ γαλλικῶν παρέχονται ὑπὸ πτυχιούχου. Τηλ. 26-958.

ΦΡΟΝΤΙΣΤΗΡΙΑ ΚΑΙ ΣΧΟΛΑΙ
ΠΑΡΑΣΤΑΤΙΚΗ ΠΑΝΕΠΙΣΤΗΜΙΟΥ — ΕΥΚΛΕΙΔΗ

ΔΙΑΦΟΡΑ: Μαθήματα ἀγγλικῶν καὶ γαλλικῶν παρέχονται ὑπὸ πτυχιούχου. Τηλ. 26-958.

ΠΑΡΑΣΤΑΤΙΚΗ ΣΧ. ΕΥΚΛΕΙΔΗ ΚΑΙ ΜΑΘΗΜΑΤΙΚΑ

ΔΙΑΦΟΡΑ: Μαθήματα ἀγγλικῶν καὶ γαλλικῶν παρέχονται ὑπὸ πτυχιούχου. Τηλ. 26-958.

ΚΑΘΗΓΗΤΗΣ ΑΓΓΛΙΚΗΣ

ΔΙΑΦΟΡΑ: Μαθήματα ἀγγλικῶν καὶ γαλλικῶν παρέχονται ὑπὸ πτυχιούχου. Τηλ. 26-958.

ΦΙΛΟΛΟΓΙΑ, ΝΟΜΙΚΗ, Ο.Π.Ε. ΑΚΑΔΗΜΙΑ

ΔΙΑΦΟΡΑ: Μαθήματα ἀγγλικῶν καὶ γαλλικῶν παρέχονται ὑπὸ πτυχιούχου. Τηλ. 26-958.

ἑκατοντάδες χιλιάδων

ἐπισκεπτῶν

ἀναμένονται

στὴν ἔκθεση Θεσσαλονίκης

ἐπισκεφθῆτε την καὶ σεῖς

ΜΕΤΑΦΟΡΑ ΑΚΤΙΝΟΛΟΓΙΚΟΥ ΕΡΓΑΣΤΗΡΙΟΥ
ΤΟ ΑΚΤΙΝΟΛΟΓΙΚΟΝ ΕΡΓΑΣΤΗΡΙΟΝ
Δ. ΚΑΦΤΑΝΤΖΗ & ΔΡΟΣ Θ. ΜΥΛΩΠΟΥΛΟΥ
ΙΑΤΡΩΝ ΑΚΤΙΝΟΛΟΓΩΝ ΡΑΔΙΟΛΟΓΩΝ
ΜΕΤΕΦΕΡΘΗ ΕΠΙ ΤΗΣ ΟΔΟΥ ΕΓΝΑΤΙΑ 92
Ἔναντι λουτρῶν «Παράδεισος», στάσις Ἀριστοτέλους
ΤΗΛ. 20-550
ΠΑΙΣ ΕΘΕΣΕ ΠΥΡ ΕΙΣ ΑΧΥΡΩΝΑ ΕΙΣ ΧΩΡΙΟΝ ΤΗΣ ΚΑΒΑΛΑΣ
ΠΑΡΑΦΡΩΝ ΕΝΕΠΡΗΣΕΝ ΟΙΚΙΑΣ ΚΑΙ ΔΑΣΗ ΕΙΣ ΠΗΛΙΟΝ
ΕΚΙΝΔΥΝΕΥΣΑΝ ΕΚ ΠΥΡΚΑΓΙΑΣ ΤΑ ΑΝΑΚΤΟΡΑ ΤΑΤΟΪΟΥ

ΚΑΒΑΛΑ, 17.— Πυρκαϊὰ ἐξερράγη εἰς ἀχυρῶνα τοῦ χωρίου, ἡ ὁποία ἐπεκτάθη ταχέως καὶ προεκάλεσε ζημίας. Ἡ πυροσβεστικὴ ὑπηρεσία κατώρθωσε νὰ περιορίσῃ τὸ πῦρ μετὰ πολύωρον ἀγῶνα, χωρὶς νὰ σημειωθοῦν θύματα.

ΚΑΒΑΛΑ, 17.— Πυρκαϊὰ ἐξερράγη εἰς ἀχυρῶνα τοῦ χωρίου, ἡ ὁποία ἐπεκτάθη ταχέως καὶ προεκάλεσε ζημίας. Ἡ πυροσβεστικὴ ὑπηρεσία κατώρθωσε νὰ περιορίσῃ τὸ πῦρ μετὰ πολύωρον ἀγῶνα, χωρὶς νὰ σημειωθοῦν θύματα.

ΕΜΠΡΗΣΜΟΙ ΕΙΣ ΠΗΛΙΟΝ

ΚΑΒΑΛΑ, 17.— Πυρκαϊὰ ἐξερράγη εἰς ἀχυρῶνα τοῦ χωρίου, ἡ ὁποία ἐπεκτάθη ταχέως καὶ προεκάλεσε ζημίας. Ἡ πυροσβεστικὴ ὑπηρεσία κατώρθωσε νὰ περιορίσῃ τὸ πῦρ μετὰ πολύωρον ἀγῶνα, χωρὶς νὰ σημειωθοῦν θύματα.

ΠΑΡΑ ΤΟ ΤΑΤΟΪΟΝ

ΚΑΒΑΛΑ, 17.— Πυρκαϊὰ ἐξερράγη εἰς ἀχυρῶνα τοῦ χωρίου, ἡ ὁποία ἐπεκτάθη ταχέως καὶ προεκάλεσε ζημίας. Ἡ πυροσβεστικὴ ὑπηρεσία κατώρθωσε νὰ περιορίσῃ τὸ πῦρ μετὰ πολύωρον ἀγῶνα, χωρὶς νὰ σημειωθοῦν θύματα.

ΣΥΣΤΑΣΕΙΣ ΤΟΥ κ. ΦΡΑΓΚΙΣΤΑ ΠΡΟΣ ΤΟΥΣ ΥΠΑΛΛΗΛΟΥΣ ΤΗΣ ΚΑΣΤΟΡΙΑΣ

ΚΑΒΑΛΑ, 17.— Πυρκαϊὰ ἐξερράγη εἰς ἀχυρῶνα τοῦ χωρίου, ἡ ὁποία ἐπεκτάθη ταχέως καὶ προεκάλεσε ζημίας. Ἡ πυροσβεστικὴ ὑπηρεσία κατώρθωσε νὰ περιορίσῃ τὸ πῦρ μετὰ πολύωρον ἀγῶνα, χωρὶς νὰ σημειωθοῦν θύματα.

Ο ΠΡΟΕΔΡΟΣ ΤΟΥ Ε.Ο.Κ. ΘΑ ΠΕΡΙΟΔΕΥΣΗ ΤΑ ΚΑΠΝΙΚΑ ΚΕΝΤΡΑ

ΚΑΒΑΛΑ, 17.— Πυρκαϊὰ ἐξερράγη εἰς ἀχυρῶνα τοῦ χωρίου, ἡ ὁποία ἐπεκτάθη ταχέως καὶ προεκάλεσε ζημίας. Ἡ πυροσβεστικὴ ὑπηρεσία κατώρθωσε νὰ περιορίσῃ τὸ πῦρ μετὰ πολύωρον ἀγῶνα, χωρὶς νὰ σημειωθοῦν θύματα.

ΣΥΣΚΕΨΙΣ ΔΙΑ ΤΗΝ ΧΡΗΜΑΤΟΔΟΤΗΣΙΝ ΤΗΣ ΒΙΟΤΕΧΝΙΑΣ

ΚΑΒΑΛΑ, 17.— Πυρκαϊὰ ἐξερράγη εἰς ἀχυρῶνα τοῦ χωρίου, ἡ ὁποία ἐπεκτάθη ταχέως καὶ προεκάλεσε ζημίας. Ἡ πυροσβεστικὴ ὑπηρεσία κατώρθωσε νὰ περιορίσῃ τὸ πῦρ μετὰ πολύωρον ἀγῶνα, χωρὶς νὰ σημειωθοῦν θύματα.

Ο ΣΟΥΒΑΝΟΥΒΟΝΓΚ ΑΠΕΡΡΙΨΕ ΤΑΣ ΠΡΟΤΑΣΕΙΣ ΤΟΥ ΠΡΩΘΥΠΟΥΡΓΟΥ ΤΟΥ ΛΑΟΣ ΦΟΥΜΑ ΠΕΡΙ ΔΙΑΠΡΑΓΜΑΤΕΥΣΕΩΝ ΠΕΡΙ ΕΙΡΗΝΕΥΣΙΝ

ΚΑΒΑΛΑ, 17.— Πυρκαϊὰ ἐξερράγη εἰς ἀχυρῶνα τοῦ χωρίου, ἡ ὁποία ἐπεκτάθη ταχέως καὶ προεκάλεσε ζημίας. Ἡ πυροσβεστικὴ ὑπηρεσία κατώρθωσε νὰ περιορίσῃ τὸ πῦρ μετὰ πολύωρον ἀγῶνα, χωρὶς νὰ σημειωθοῦν θύματα.

ΚΑΒΑΛΑ, 17.— Πυρκαϊὰ ἐξερράγη εἰς ἀχυρῶνα τοῦ χωρίου, ἡ ὁποία ἐπεκτάθη ταχέως καὶ προεκάλεσε ζημίας. Ἡ πυροσβεστικὴ ὑπηρεσία κατώρθωσε νὰ περιορίσῃ τὸ πῦρ μετὰ πολύωρον ἀγῶνα, χωρὶς νὰ σημειωθοῦν θύματα.

ΚΑΒΑΛΑ, 17.— Πυρκαϊὰ ἐξερράγη εἰς ἀχυρῶνα τοῦ χωρίου, ἡ ὁποία ἐπεκτάθη ταχέως καὶ προεκάλεσε ζημίας. Ἡ πυροσβεστικὴ ὑπηρεσία κατώρθωσε νὰ περιορίσῃ τὸ πῦρ μετὰ πολύωρον ἀγῶνα, χωρὶς νὰ σημειωθοῦν θύματα.

ΘΑ ΔΡΟΜΟΛΟΓΗΘΟΥΝ ΕΙΣ ΤΗΝ ΓΡΑΜΜΗΝ ΚΑΙ ΑΛΛΑ ΤΩΝ ΙΤΑΛΙΚΩΝ ΠΛΟΙΑ

ΚΑΒΑΛΑ, 17.— Πυρκαϊὰ ἐξερράγη εἰς ἀχυρῶνα τοῦ χωρίου, ἡ ὁποία ἐπεκτάθη ταχέως καὶ προεκάλεσε ζημίας. Ἡ πυροσβεστικὴ ὑπηρεσία κατώρθωσε νὰ περιορίσῃ τὸ πῦρ μετὰ πολύωρον ἀγῶνα, χωρὶς νὰ σημειωθοῦν θύματα.

ΑΘΡΟΑ ΣΥΜΠΑΡΑΣΤΑΣΙΣ ΕΙΣ ΤΟΥΣ ΔΙΚΑΖΟΜΕΝΟΥΣ ΦΟΙΤΗΤΑΣ ΤΗΣ ΑΓΚΥΡΑΣ

ΚΑΒΑΛΑ, 17.— Πυρκαϊὰ ἐξερράγη εἰς ἀχυρῶνα τοῦ χωρίου, ἡ ὁποία ἐπεκτάθη ταχέως καὶ προεκάλεσε ζημίας. Ἡ πυροσβεστικὴ ὑπηρεσία κατώρθωσε νὰ περιορίσῃ τὸ πῦρ μετὰ πολύωρον ἀγῶνα, χωρὶς νὰ σημειωθοῦν θύματα.

Η ΣΥΝΟΔΟΣ ΤΩΝ ΚΑΘΟΛΙΚΩΝ ΘΑ ΠΑΡΑΤΑΘΗ ΚΑΙ ΠΕΡΑΝ ΤΗΣ 4ης ΔΕΚΕΜΒΡΙΟΥ ΔΙΑ ΤΗΣ ΣΥΓΚΛΗΣΕΩΣ ΠΟΛΛΩΝ ΣΥΣΚΕΨΕΩΝ

ΚΑΒΑΛΑ, 17.— Πυρκαϊὰ ἐξερράγη εἰς ἀχυρῶνα τοῦ χωρίου, ἡ ὁποία ἐπεκτάθη ταχέως καὶ προεκάλεσε ζημίας. Ἡ πυροσβεστικὴ ὑπηρεσία κατώρθωσε νὰ περιορίσῃ τὸ πῦρ μετὰ πολύωρον ἀγῶνα, χωρὶς νὰ σημειωθοῦν θύματα.

ΚΑΒΑΛΑ, 17.— Πυρκαϊὰ ἐξερράγη εἰς ἀχυρῶνα τοῦ χωρίου, ἡ ὁποία ἐπεκτάθη ταχέως καὶ προεκάλεσε ζημίας. Ἡ πυροσβεστικὴ ὑπηρεσία κατώρθωσε νὰ περιορίσῃ τὸ πῦρ μετὰ πολύωρον ἀγῶνα, χωρὶς νὰ σημειωθοῦν θύματα.

ΚΑΒΑΛΑ, 17.— Πυρκαϊὰ ἐξερράγη εἰς ἀχυρῶνα τοῦ χωρίου, ἡ ὁποία ἐπεκτάθη ταχέως καὶ προεκάλεσε ζημίας. Ἡ πυροσβεστικὴ ὑπηρεσία κατώρθωσε νὰ περιορίσῃ τὸ πῦρ μετὰ πολύωρον ἀγῶνα, χωρὶς νὰ σημειωθοῦν θύματα.

ΚΑΒΑΛΑ, 17.— Πυρκαϊὰ ἐξερράγη εἰς ἀχυρῶνα τοῦ χωρίου, ἡ ὁποία ἐπεκτάθη ταχέως καὶ προεκάλεσε ζημίας. Ἡ πυροσβεστικὴ ὑπηρεσία κατώρθωσε νὰ περιορίσῃ τὸ πῦρ μετὰ πολύωρον ἀγῶνα, χωρὶς νὰ σημειωθοῦν θύματα.

ΕΞΑΚΟΛΟΥΘΟΥΝ ΑΙ ΑΥΞΗΡΕΙΑΙ ΕΙΣ ΤΗΝ ΕΛΕΓΧΘΗΝ ΤΩΝ ΦΡΟΥΤΩΝ

ΚΑΒΑΛΑ, 17.— Πυρκαϊὰ ἐξερράγη εἰς ἀχυρῶνα τοῦ χωρίου, ἡ ὁποία ἐπεκτάθη ταχέως καὶ προεκάλεσε ζημίας. Ἡ πυροσβεστικὴ ὑπηρεσία κατώρθωσε νὰ περιορίσῃ τὸ πῦρ μετὰ πολύωρον ἀγῶνα, χωρὶς νὰ σημειωθοῦν θύματα.

ΚΑΒΑΛΑ, 17.— Πυρκαϊὰ ἐξερράγη εἰς ἀχυρῶνα τοῦ χωρίου, ἡ ὁποία ἐπεκτάθη ταχέως καὶ προεκάλεσε ζημίας. Ἡ πυροσβεστικὴ ὑπηρεσία κατώρθωσε νὰ περιορίσῃ τὸ πῦρ μετὰ πολύωρον ἀγῶνα, χωρὶς νὰ σημειωθοῦν θύματα.

ΚΑΒΑΛΑ, 17.— Πυρκαϊὰ ἐξερράγη εἰς ἀχυρῶνα τοῦ χωρίου, ἡ ὁποία ἐπεκτάθη ταχέως καὶ προεκάλεσε ζημίας. Ἡ πυροσβεστικὴ ὑπηρεσία κατώρθωσε νὰ περιορίσῃ τὸ πῦρ μετὰ πολύωρον ἀγῶνα, χωρὶς νὰ σημειωθοῦν θύματα.

ΕΞΕΤΕΛΕΣΘΗΣΑΝ ΟΙ ΔΥΟ ΙΣΠΑΝΟΙ ΑΝΑΡΧΙΚΟΙ ΟΙ ΚΑΤΑΔΙΚΑΣΘΕΝΤΕΣ ΥΠΟ ΣΤΡΑΤΟΔΙΚΕΙΟΥ ΔΙΑ ΔΙΑΦΟΡΟΥΣ ΤΡΟΜΟΚΡΑΤΙΚΑΣ ΕΝΕΡΓΕΙΑΣ

ΚΑΒΑΛΑ, 17.— Πυρκαϊὰ ἐξερράγη εἰς ἀχυρῶνα τοῦ χωρίου, ἡ ὁποία ἐπεκτάθη ταχέως καὶ προεκάλεσε ζημίας. Ἡ πυροσβεστικὴ ὑπηρεσία κατώρθωσε νὰ περιορίσῃ τὸ πῦρ μετὰ πολύωρον ἀγῶνα, χωρὶς νὰ σημειωθοῦν θύματα.

ΚΑΒΑΛΑ, 17.— Πυρκαϊὰ ἐξερράγη εἰς ἀχυρῶνα τοῦ χωρίου, ἡ ὁποία ἐπεκτάθη ταχέως καὶ προεκάλεσε ζημίας. Ἡ πυροσβεστικὴ ὑπηρεσία κατώρθωσε νὰ περιορίσῃ τὸ πῦρ μετὰ πολύωρον ἀγῶνα, χωρὶς νὰ σημειωθοῦν θύματα.

ΚΑΒΑΛΑ, 17.— Πυρκαϊὰ ἐξερράγη εἰς ἀχυρῶνα τοῦ χωρίου, ἡ ὁποία ἐπεκτάθη ταχέως καὶ προεκάλεσε ζημίας. Ἡ πυροσβεστικὴ ὑπηρεσία κατώρθωσε νὰ περιορίσῃ τὸ πῦρ μετὰ πολύωρον ἀγῶνα, χωρὶς νὰ σημειωθοῦν θύματα.

ΝΕΑΡΟΣ ΚΛΕΠΤΗΣ ΣΥΝΕΛΗΦΘΗ ΚΑΤΟΠΙΝ ΚΑΤΑΔΙΩΞΕΩΣ

ΚΑΒΑΛΑ, 17.— Πυρκαϊὰ ἐξερράγη εἰς ἀχυρῶνα τοῦ χωρίου, ἡ ὁποία ἐπεκτάθη ταχέως καὶ προεκάλεσε ζημίας. Ἡ πυροσβεστικὴ ὑπηρεσία κατώρθωσε νὰ περιορίσῃ τὸ πῦρ μετὰ πολύωρον ἀγῶνα, χωρὶς νὰ σημειωθοῦν θύματα.

ΤΟΝ ΗΠΕΙΛΗΣΑΝ ΤΟΝ ΠΑΛΑΙΑΣ ΕΡΙΔΟΣ

ΚΑΒΑΛΑ, 17.— Πυρκαϊὰ ἐξερράγη εἰς ἀχυρῶνα τοῦ χωρίου, ἡ ὁποία ἐπεκτάθη ταχέως καὶ προεκάλεσε ζημίας. Ἡ πυροσβεστικὴ ὑπηρεσία κατώρθωσε νὰ περιορίσῃ τὸ πῦρ μετὰ πολύωρον ἀγῶνα, χωρὶς νὰ σημειωθοῦν θύματα.

ΥΠΑΡΧΟΥΝ ΚΑΙ ΠΟΡΝΑΙ ΜΕ ΤΡΥΦΕΡΑΝ ΚΑΡΔΙΑΝ

ΚΑΒΑΛΑ, 17.— Πυρκαϊὰ ἐξερράγη εἰς ἀχυρῶνα τοῦ χωρίου, ἡ ὁποία ἐπεκτάθη ταχέως καὶ προεκάλεσε ζημίας. Ἡ πυροσβεστικὴ ὑπηρεσία κατώρθωσε νὰ περιορίσῃ τὸ πῦρ μετὰ πολύωρον ἀγῶνα, χωρὶς νὰ σημειωθοῦν θύματα.

ΔΙΑΨΕΥΔΟΝΤΑΙ ΤΑ ΠΕΡΙ ΜΥΣΤΙΚΗΣ ΣΥΝΑΝΤΗΣΕΩΣ ΠΡΟΣ ΛΥΣΙΝ ΤΟΥ ΕΜΦΥΛΙΟΥ ΠΟΛΕΜΟΥ ΕΙΣ ΥΕΜΕΝΗΝ

ΚΑΒΑΛΑ, 17.— Πυρκαϊὰ ἐξερράγη εἰς ἀχυρῶνα τοῦ χωρίου, ἡ ὁποία ἐπεκτάθη ταχέως καὶ προεκάλεσε ζημίας. Ἡ πυροσβεστικὴ ὑπηρεσία κατώρθωσε νὰ περιορίσῃ τὸ πῦρ μετὰ πολύωρον ἀγῶνα, χωρὶς νὰ σημειωθοῦν θύματα.

ΚΑΒΑΛΑ, 17.— Πυρκαϊὰ ἐξερράγη εἰς ἀχυρῶνα τοῦ χωρίου, ἡ ὁποία ἐπεκτάθη ταχέως καὶ προεκάλεσε ζημίας. Ἡ πυροσβεστικὴ ὑπηρεσία κατώρθωσε νὰ περιορίσῃ τὸ πῦρ μετὰ πολύωρον ἀγῶνα, χωρὶς νὰ σημειωθοῦν θύματα.
